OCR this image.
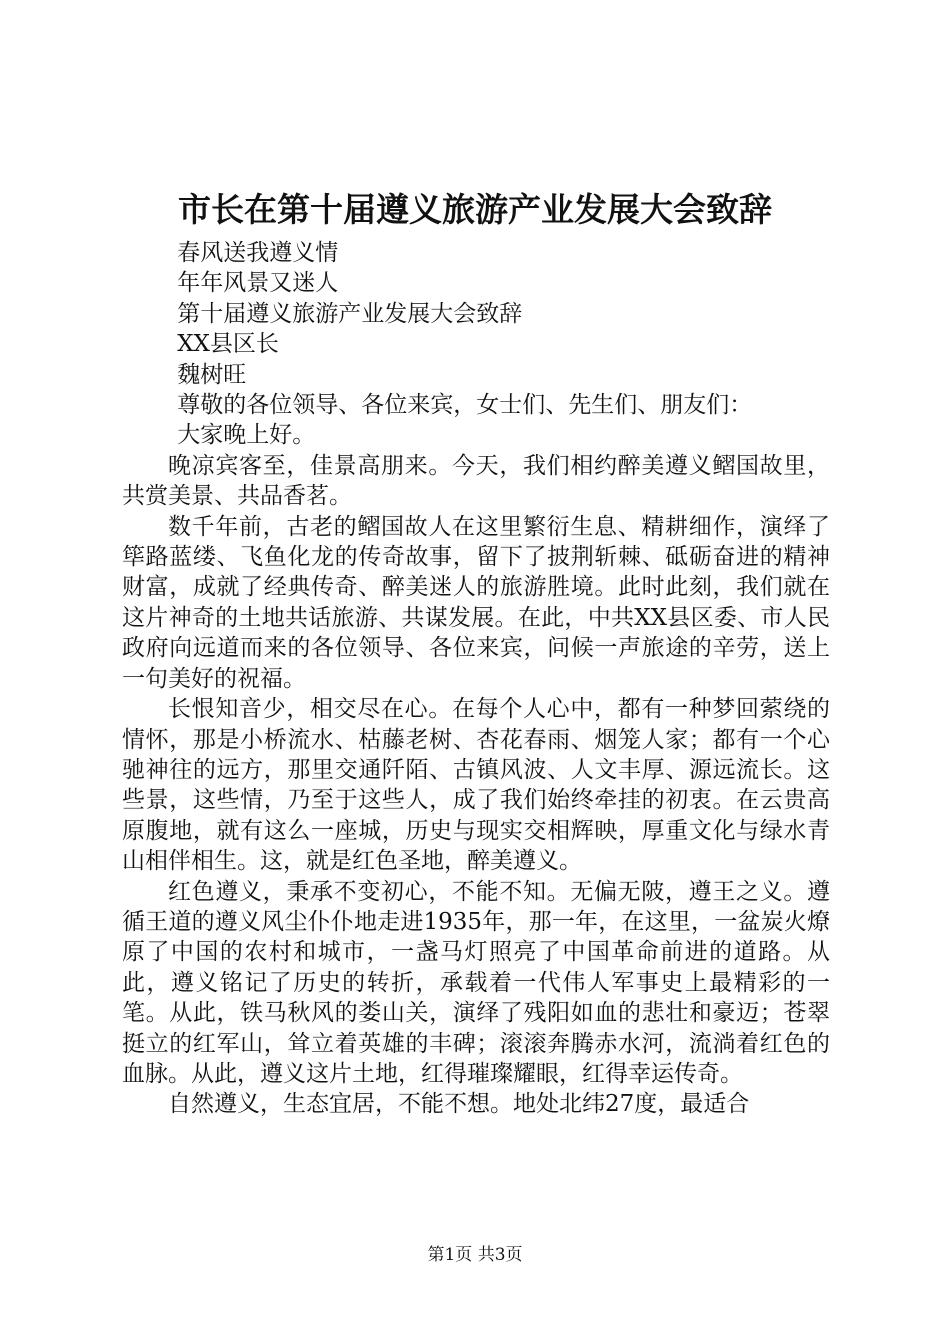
市长在第十届遵义旅游产业发展大会致辞

春风送我遵义情

年年风景又迷人

第十届遵义旅游产业发展大会致辞

XX县区长

魏树旺

尊敬的各位领导、各位来宾，女士们、先生们、朋友们：

大家晚上好。

晚凉宾客至，佳景高朋来。今天，我们相约醉美遵义鳛国故里，共赏美景、共品香茗。

数千年前，古老的鳛国故人在这里繁衍生息、精耕细作，演绎了筚路蓝缕、飞鱼化龙的传奇故事，留下了披荆斩棘、砥砺奋进的精神财富，成就了经典传奇、醉美迷人的旅游胜境。此时此刻，我们就在这片神奇的土地共话旅游、共谋发展。在此，中共XX县区委、市人民政府向远道而来的各位领导、各位来宾，问候一声旅途的辛劳，送上一句美好的祝福。

长恨知音少，相交尽在心。在每个人心中，都有一种梦回萦绕的情怀，那是小桥流水、枯藤老树、杏花春雨、烟笼人家；都有一个心驰神往的远方，那里交通阡陌、古镇风波、人文丰厚、源远流长。这些景，这些情，乃至于这些人，成了我们始终牵挂的初衷。在云贵高原腹地，就有这么一座城，历史与现实交相辉映，厚重文化与绿水青山相伴相生。这，就是红色圣地，醉美遵义。

红色遵义，秉承不变初心，不能不知。无偏无陂，遵王之义。遵循王道的遵义风尘仆仆地走进1935年，那一年，在这里，一盆炭火燎原了中国的农村和城市，一盏马灯照亮了中国革命前进的道路。从此，遵义铭记了历史的转折，承载着一代伟人军事史上最精彩的一笔。从此，铁马秋风的娄山关，演绎了残阳如血的悲壮和豪迈；苍翠挺立的红军山，耸立着英雄的丰碑；滚滚奔腾赤水河，流淌着红色的血脉。从此，遵义这片土地，红得璀璨耀眼，红得幸运传奇。

自然遵义，生态宜居，不能不想。地处北纬27度，最适合

第1页 共3页
